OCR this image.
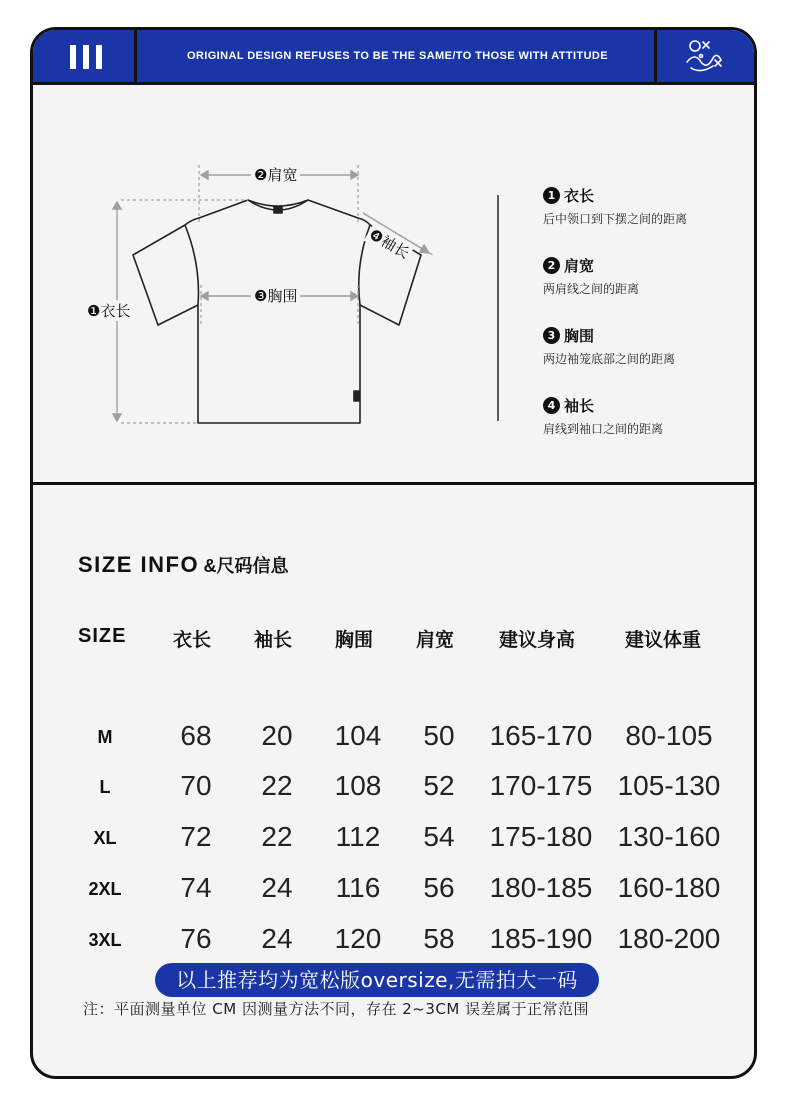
ORIGINAL DESIGN REFUSES TO BE THE SAME/TO THOSE WITH ATTITUDE
❷肩宽
❸胸围
❶衣长
❹袖长
1 衣长
后中领口到下摆之间的距离
2 肩宽
两肩线之间的距离
3 胸围
两边袖笼底部之间的距离
4 袖长
肩线到袖口之间的距离
SIZE INFO &尺码信息
SIZE 衣长 袖长 胸围 肩宽 建议身高	建议体重
M	68	20	104	50	165-170	80-105
L	70	22	108	52	170-175 105-130
XL	72	22	112	54	175-180 130-160
2XL	74	24	116	56	180-185 160-180
3XL	76	24	120	58	185-190 180-200
以上推荐均为宽松版oversize,无需拍大一码
注：平面测量单位 CM 因测量方法不同，存在 2~3CM 误差属于正常范围
